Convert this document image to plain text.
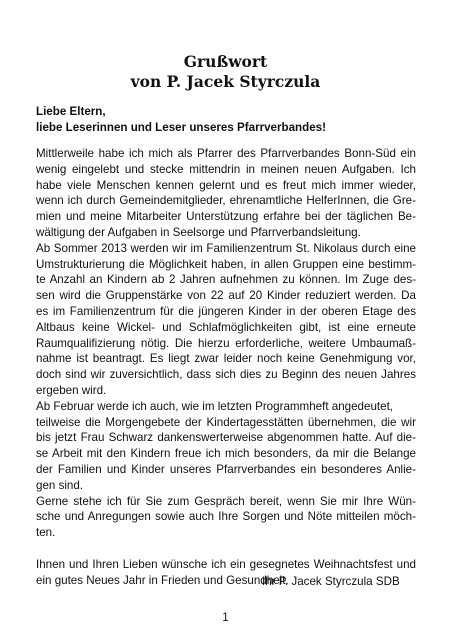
Grußwort
von P. Jacek Styrczula

Liebe Eltern,
liebe Leserinnen und Leser unseres Pfarrverbandes!

Mittlerweile habe ich mich als Pfarrer des Pfarrverbandes Bonn-Süd ein
wenig eingelebt und stecke mittendrin in meinen neuen Aufgaben. Ich
habe viele Menschen kennen gelernt und es freut mich immer wieder,
wenn ich durch Gemeindemitglieder, ehrenamtliche HelferInnen, die Gre-
mien und meine Mitarbeiter Unterstützung erfahre bei der täglichen Be-
wältigung der Aufgaben in Seelsorge und Pfarrverbandsleitung.
Ab Sommer 2013 werden wir im Familienzentrum St. Nikolaus durch eine
Umstrukturierung die Möglichkeit haben, in allen Gruppen eine bestimm-
te Anzahl an Kindern ab 2 Jahren aufnehmen zu können. Im Zuge des-
sen wird die Gruppenstärke von 22 auf 20 Kinder reduziert werden. Da
es im Familienzentrum für die jüngeren Kinder in der oberen Etage des
Altbaus keine Wickel- und Schlafmöglichkeiten gibt, ist eine erneute
Raumqualifizierung nötig. Die hierzu erforderliche, weitere Umbaumaß-
nahme ist beantragt. Es liegt zwar leider noch keine Genehmigung vor,
doch sind wir zuversichtlich, dass sich dies zu Beginn des neuen Jahres
ergeben wird.
Ab Februar werde ich auch, wie im letzten Programmheft angedeutet,
teilweise die Morgengebete der Kindertagesstätten übernehmen, die wir
bis jetzt Frau Schwarz dankenswerterweise abgenommen hatte. Auf die-
se Arbeit mit den Kindern freue ich mich besonders, da mir die Belange
der Familien und Kinder unseres Pfarrverbandes ein besonderes Anlie-
gen sind.
Gerne stehe ich für Sie zum Gespräch bereit, wenn Sie mir Ihre Wün-
sche und Anregungen sowie auch Ihre Sorgen und Nöte mitteilen möch-
ten.
Ihnen und Ihren Lieben wünsche ich ein gesegnetes Weihnachtsfest und
ein gutes Neues Jahr in Frieden und Gesundheit.

Ihr P. Jacek Styrczula SDB

1
